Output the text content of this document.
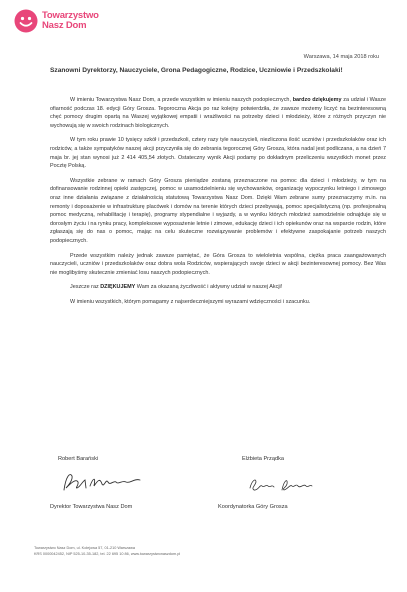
Towarzystwo
Nasz Dom
Warszawa, 14 maja 2018 roku
Szanowni Dyrektorzy, Nauczyciele, Grona Pedagogiczne, Rodzice, Uczniowie i Przedszkolaki!

W imieniu Towarzystwa Nasz Dom, a przede wszystkim w imieniu naszych podopiecznych, bardzo dziękujemy za udział i Wasze ofiarność podczas 18. edycji Góry Grosza. Tegoroczna Akcja po raz kolejny potwierdziła, że zawsze możemy liczyć na bezinteresowną chęć pomocy drugim opartą na Waszej wyjątkowej empatii i wrażliwości na potrzeby dzieci i młodzieży, które z różnych przyczyn nie wychowują się w swoich rodzinach biologicznych.

W tym roku prawie 10 tysięcy szkół i przedszkoli, cztery razy tyle nauczycieli, niezliczona ilość uczniów i przedszkolaków oraz ich rodziców, a także sympatyków naszej akcji przyczyniła się do zebrania tegorocznej Góry Grosza, która nadal jest podliczana, a na dzień 7 maja br. jej stan wynosi już 2 414 405,54 złotych. Ostateczny wynik Akcji podamy po dokładnym przeliczeniu wszystkich monet przez Pocztę Polską.

Wszystkie zebrane w ramach Góry Grosza pieniądze zostaną przeznaczone na pomoc dla dzieci i młodzieży, w tym na dofinansowanie rodzinnej opieki zastępczej, pomoc w usamodzielnieniu się wychowanków, organizację wypoczynku letniego i zimowego oraz inne działania związane z działalnością statutową Towarzystwa Nasz Dom. Dzięki Wam zebrane sumy przeznaczymy m.in. na remonty i doposażenie w infrastrukturę placówek i domów na terenie których dzieci przebywają, pomoc specjalistyczną (np. profesjonalną pomoc medyczną, rehabilitację i terapię), programy stypendialne i wyjazdy, a w wyniku których młodzież samodzielnie odnajduje się w dorosłym życiu i na rynku pracy, kompleksowe wyposażenie letnie i zimowe, edukację dzieci i ich opiekunów oraz na wsparcie rodzin, które zgłaszają się do nas o pomoc, mając na celu skuteczne rozwiązywanie problemów i efektywne zaspokajanie potrzeb naszych podopiecznych.

Przede wszystkim należy jednak zawsze pamiętać, że Góra Grosza to wieloletnia wspólna, ciężka praca zaangażowanych nauczycieli, uczniów i przedszkolaków oraz dobra wola Rodziców, wspierających swoje dzieci w akcji bezinteresownej pomocy. Bez Was nie moglibyśmy skutecznie zmieniać losu naszych podopiecznych.

Jeszcze raz DZIĘKUJEMY Wam za okazaną życzliwość i aktywny udział w naszej Akcji!

W imieniu wszystkich, którym pomagamy z najserdeczniejszymi wyrazami wdzięczności i szacunku.

Robert Barański	Elżbieta Prządka
Dyrektor Towarzystwa Nasz Dom	Koordynatorka Góry Grosza
Towarzystwo Nasz Dom, ul. Kolejowa 57, 01-210 Warszawa
KRS 0000042452, NIP 525-10-35-182, tel. 22 695 10 86, www.towarzystwonaszdom.pl
